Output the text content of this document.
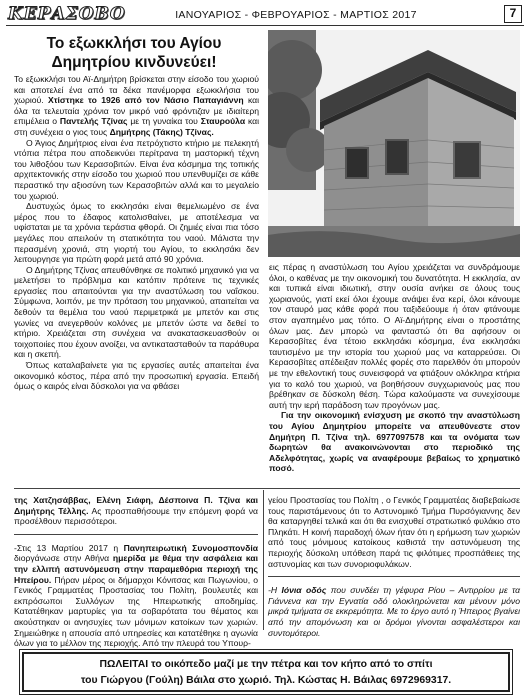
ΚΕΡΑΣΟΒΟ	ΙΑΝΟΥΑΡΙΟΣ - ΦΕΒΡΟΥΑΡΙΟΣ - ΜΑΡΤΙΟΣ 2017	7
Το εξωκκλήσι του Αγίου
Δημητρίου κινδυνεύει!

Το εξωκκλήσι του Αϊ-Δημήτρη βρίσκεται στην είσοδο του χωριού και αποτελεί ένα από τα δέκα πανέμορφα εξωκκλήσια του χωριού. Χτίστηκε το 1926 από τον Νάσιο Παπαγιάννη και όλα τα τελευταία χρόνια τον μικρό ναό φρόντιζαν με ιδιαίτερη επιμέλεια ο Παντελής Τζίνας με τη γυναίκα του Σταυρούλα και στη συνέχεια ο γιος τους Δημήτρης (Τάκης) Τζίνας.

Ο Άγιος Δημήτριος είναι ένα πετρόχτιστο κτήριο με πελεκητή ντόπια πέτρα που αποδεικνύει περίτρανα τη μαστορική τέχνη του λιθοξόου των Κερασοβιτών. Είναι ένα κόσμημα της τοπικής αρχιτεκτονικής στην είσοδο του χωριού που υπενθυμίζει σε κάθε περαστικό την αξιοσύνη των Κερασοβιτών αλλά και το μεγαλείο του χωριού.

Δυστυχώς όμως το εκκλησάκι είναι θεμελιωμένο σε ένα μέρος που το έδαφος κατολισθαίνει, με αποτέλεσμα να υφίσταται με τα χρόνια τεράστια φθορά. Οι ζημιές είναι πια τόσο μεγάλες που απειλούν τη στατικότητα του ναού. Μάλιστα την περασμένη χρονιά, στη γιορτή του Αγίου, το εκκλησάκι δεν λειτουργησε για πρώτη φορά μετά από 90 χρόνια.

Ο Δημήτρης Τζίνας απευθύνθηκε σε πολιτικό μηχανικό για να μελετήσει το πρόβλημα και κατόπιν πρότεινε τις τεχνικές εργασίες που απαιτούνται για την αναστύλωση του ναΐσκου. Σύμφωνα, λοιπόν, με την πρόταση του μηχανικού, απαιτείται να δεθούν τα θεμέλια του ναού περιμετρικά με μπετόν και στις γωνίες να ανεγερθούν κολόνες με μπετόν ώστε να δεθεί το κτήριο. Χρειάζεται στη συνέχεια να ανακατασκευασθούν οι τοιχοποιίες που έχουν ανοίξει, να αντικατασταθούν τα παράθυρα και η σκεπή.

Όπως καταλαβαίνετε για τις εργασίες αυτές απαιτείται ένα οικονομικό κόστος, πέρα από την προσωπική εργασία. Επειδή όμως ο καιρός είναι δύσκολοι για να φθάσει

εις πέρας η αναστύλωση του Αγίου χρειάζεται να συνδράμουμε όλοι, ο καθένας με την οικονομική του δυνατότητα. Η εκκλησία, αν και τυπικά είναι ιδιωτική, στην ουσία ανήκει σε όλους τους χωριανούς, γιατί εκεί όλοι έχουμε ανάψει ένα κερί, όλοι κάνουμε τον σταυρό μας κάθε φορά που ταξιδεύουμε ή όταν φτάνουμε στον αγαπημένο μας τόπο. Ο Αϊ-Δημήτρης είναι ο προστάτης όλων μας. Δεν μπορώ να φανταστώ ότι θα αφήσουν οι Κερασοβίτες ένα τέτοιο εκκλησάκι κόσμημα, ένα εκκλησάκι ταυτισμένο με την ιστορία του χωριού μας να καταρρεύσει. Οι Κερασοβίτες απέδειξαν πολλές φορές στο παρελθόν ότι μπορούν με την εθελοντική τους συνεισφορά να φτιάξουν ολόκληρα κτήρια για το καλό του χωριού, να βοηθήσουν συγχωριανούς μας που βρέθηκαν σε δύσκολη θέση. Τώρα καλούμαστε να συνεχίσουμε αυτή την ιερή παράδοση των προγόνων μας.

Για την οικονομική ενίσχυση με σκοπό την αναστύλωση του Αγίου Δημητρίου μπορείτε να απευθύνεστε στον Δημήτρη Π. Τζίνα τηλ. 6977097578 και τα ονόματα των δωρητών θα ανακοινώνονται στο περιοδικό της Αδελφότητας, χωρίς να αναφέρουμε βεβαίως το χρηματικό ποσό.

της Χατζησάββας, Ελένη Σιάφη, Δέσποινα Π. Τζίνα και Δημήτρης Τέλλης. Ας προσπαθήσουμε την επόμενη φορά να προσέλθουν περισσότεροι.

-Στις 13 Μαρτίου 2017 η Πανηπειρωτική Συνομοσπονδία διοργάνωσε στην Αθήνα ημερίδα με θέμα την ασφάλεια και την ελλιπή αστυνόμευση στην παραμεθόρια περιοχή της Ηπείρου. Πήραν μέρος οι δήμαρχοι Κόνιτσας και Πωγωνίου, ο Γενικός Γραμματέας Προστασίας του Πολίτη, βουλευτές και εκπρόσωποι Συλλόγων της Ηπειρωτικής αποδημίας. Κατατέθηκαν μαρτυρίες για τα σοβαρότατα του θέματος και ακούστηκαν οι ανησυχίες των μόνιμων κατοίκων των χωριών. Σημειώθηκε η απουσία από υπηρεσίες και κατατέθηκε η αγωνία όλων για το μέλλον της περιοχής. Από την πλευρά του Υπουρ-

γείου Προστασίας του Πολίτη , ο Γενικός Γραμματέας διαβεβαίωσε τους παριστάμενους ότι το Αστυνομικό Τμήμα Πυρσόγιαννης δεν θα καταργηθεί τελικά και ότι θα ενισχυθεί στρατιωτικό φυλάκιο στο Πληκάτι. Η κοινή παραδοχή όλων ήταν ότι η ερήμωση των χωριών από τους μόνιμους κατοίκους καθιστά την αστυνόμευση της περιοχής δύσκολη υπόθεση παρά τις φιλότιμες προσπάθειες της αστυνομίας και των συνοριοφυλάκων.

-Η Ιόνια οδός που συνδέει τη γέφυρα Ρίου – Αντιρρίου με τα Γιάννενα και την Εγνατία οδό ολοκληρώνεται και μένουν μόνο μικρά τμήματα σε εκκρεμότητα. Με το έργο αυτό η Ήπειρος βγαίνει από την απομόνωση και οι δρόμοι γίνονται ασφαλέστεροι και συντομότεροι.

ΠΩΛΕΙΤΑΙ το οικόπεδο μαζί με την πέτρα και τον κήπο από το σπίτι
του Γιώργου (Γούλη) Βάιλα στο χωριό. Τηλ. Κώστας Η. Βάιλας 6972969317.
